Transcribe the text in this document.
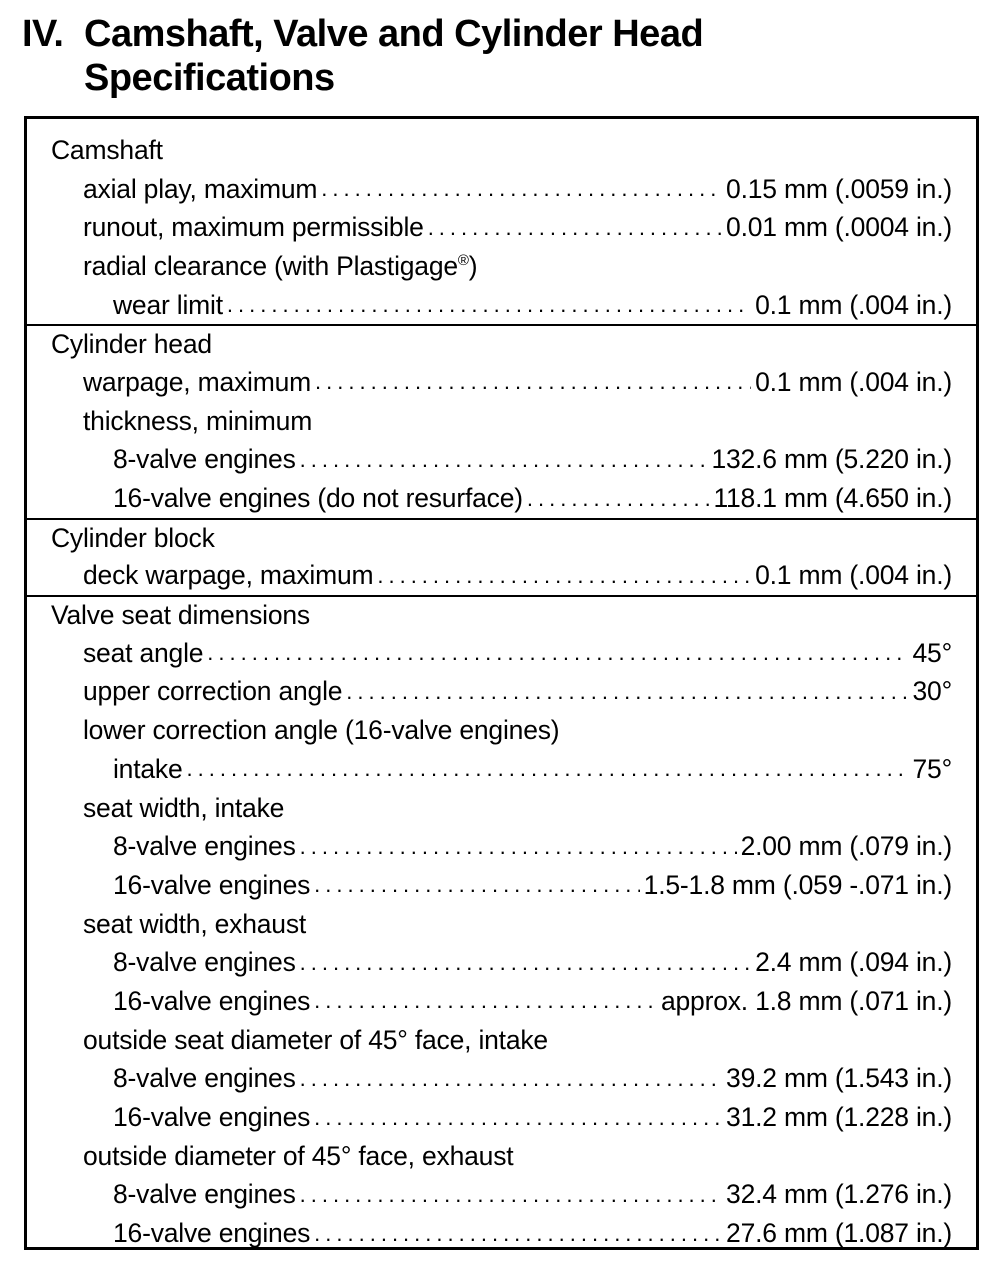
IV. Camshaft, Valve and Cylinder Head
Specifications
Camshaft
axial play, maximum .....	0.15 mm (.0059 in.)
runout, maximum permissible .....	0.01 mm (.0004 in.)
radial clearance (with Plastigage®)
wear limit .....	0.1 mm (.004 in.)
Cylinder head
warpage, maximum .....	0.1 mm (.004 in.)
thickness, minimum
8-valve engines .....	132.6 mm (5.220 in.)
16-valve engines (do not resurface) .....	118.1 mm (4.650 in.)
Cylinder block
deck warpage, maximum .....	0.1 mm (.004 in.)
Valve seat dimensions
seat angle .....	45°
upper correction angle .....	30°
lower correction angle (16-valve engines)
intake .....	75°
seat width, intake
8-valve engines .....	2.00 mm (.079 in.)
16-valve engines .....	1.5-1.8 mm (.059 -.071 in.)
seat width, exhaust
8-valve engines .....	2.4 mm (.094 in.)
16-valve engines .....	approx. 1.8 mm (.071 in.)
outside seat diameter of 45° face, intake
8-valve engines .....	39.2 mm (1.543 in.)
16-valve engines .....	31.2 mm (1.228 in.)
outside diameter of 45° face, exhaust
8-valve engines .....	32.4 mm (1.276 in.)
16-valve engines .....	27.6 mm (1.087 in.)
